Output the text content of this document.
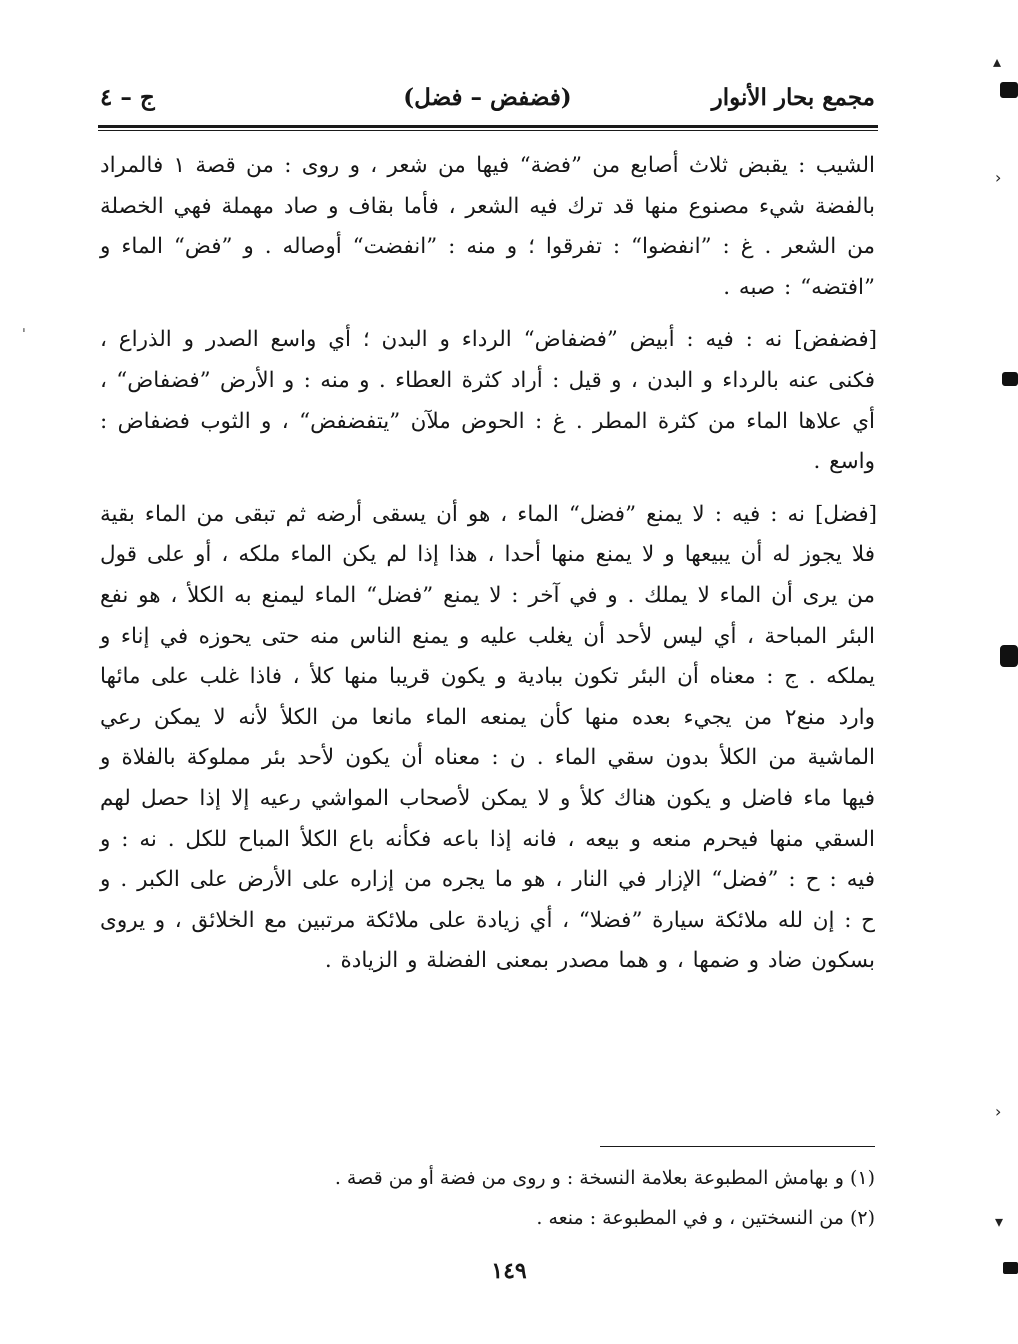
مجمع بحار الأنوار
(فضفض – فضل)
ج – ٤

الشيب : يقبض ثلاث أصابع من ”فضة“ فيها من شعر ، و روى : من قصة ١ فالمراد بالفضة شيء مصنوع منها قد ترك فيه الشعر ، فأما بقاف و صاد مهملة فهي الخصلة من الشعر . غ : ”انفضوا“ : تفرقوا ؛ و منه : ”انفضت“ أوصاله . و ”فض“ الماء و ”افتضه“ : صبه .

[فضفض] نه : فيه : أبيض ”فضفاض“ الرداء و البدن ؛ أي واسع الصدر و الذراع ، فكنى عنه بالرداء و البدن ، و قيل : أراد كثرة العطاء . و منه : و الأرض ”فضفاض“ ، أي علاها الماء من كثرة المطر . غ : الحوض ملآن ”يتفضفض“ ، و الثوب فضفاض : واسع .

[فضل] نه : فيه : لا يمنع ”فضل“ الماء ، هو أن يسقى أرضه ثم تبقى من الماء بقية فلا يجوز له أن يبيعها و لا يمنع منها أحدا ، هذا إذا لم يكن الماء ملكه ، أو على قول من يرى أن الماء لا يملك . و في آخر : لا يمنع ”فضل“ الماء ليمنع به الكلأ ، هو نفع البئر المباحة ، أي ليس لأحد أن يغلب عليه و يمنع الناس منه حتى يحوزه في إناء و يملكه . ج : معناه أن البئر تكون ببادية و يكون قريبا منها كلأ ، فاذا غلب على مائها وارد منع٢ من يجيء بعده منها كأن يمنعه الماء مانعا من الكلأ لأنه لا يمكن رعي الماشية من الكلأ بدون سقي الماء . ن : معناه أن يكون لأحد بئر مملوكة بالفلاة و فيها ماء فاضل و يكون هناك كلأ و لا يمكن لأصحاب المواشي رعيه إلا إذا حصل لهم السقي منها فيحرم منعه و بيعه ، فانه إذا باعه فكأنه باع الكلأ المباح للكل . نه : و فيه : ح : ”فضل“ الإزار في النار ، هو ما يجره من إزاره على الأرض على الكبر . و ح : إن لله ملائكة سيارة ”فضلا“ ، أي زيادة على ملائكة مرتبين مع الخلائق ، و يروى بسكون ضاد و ضمها ، و هما مصدر بمعنى الفضلة و الزيادة .

(١) و بهامش المطبوعة بعلامة النسخة : و روى من فضة أو من قصة .
(٢) من النسختين ، و في المطبوعة : منعه .
١٤٩
▴
›
›
▾
ˌ
